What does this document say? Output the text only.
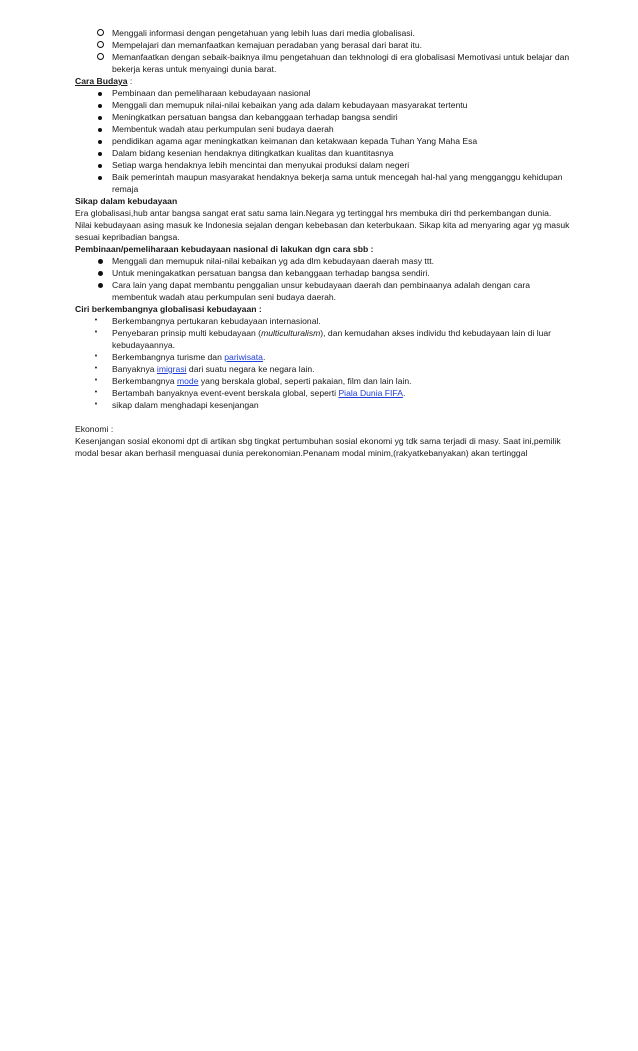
Menggali informasi dengan pengetahuan yang lebih luas dari media globalisasi.
Mempelajari dan memanfaatkan kemajuan peradaban yang berasal dari barat itu.
Memanfaatkan dengan sebaik-baiknya ilmu pengetahuan dan tekhnologi di era globalisasi Memotivasi untuk belajar dan bekerja keras untuk menyaingi dunia barat.
Cara Budaya :
Pembinaan dan pemeliharaan kebudayaan nasional
Menggali dan memupuk nilai-nilai kebaikan yang ada dalam kebudayaan masyarakat tertentu
Meningkatkan persatuan bangsa dan kebanggaan terhadap bangsa sendiri
Membentuk wadah atau perkumpulan seni budaya daerah
pendidikan agama agar meningkatkan keimanan dan ketakwaan kepada Tuhan Yang Maha Esa
Dalam bidang kesenian hendaknya ditingkatkan kualitas dan kuantitasnya
Setiap warga hendaknya lebih mencintai dan menyukai produksi dalam negeri
Baik pemerintah maupun masyarakat hendaknya bekerja sama untuk mencegah hal-hal yang mengganggu kehidupan remaja
Sikap dalam kebudayaan
Era globalisasi,hub antar bangsa sangat erat satu sama lain.Negara yg tertinggal hrs membuka diri thd perkembangan dunia. Nilai kebudayaan asing masuk ke Indonesia sejalan dengan kebebasan dan keterbukaan. Sikap kita ad menyaring agar yg masuk sesuai kepribadian bangsa.
Pembinaan/pemeliharaan kebudayaan nasional di lakukan dgn cara sbb :
Menggali dan memupuk nilai-nilai kebaikan yg ada dlm kebudayaan daerah masy ttt.
Untuk meningakatkan persatuan bangsa dan kebanggaan terhadap bangsa sendiri.
Cara lain yang dapat membantu penggalian unsur kebudayaan daerah dan pembinaanya adalah dengan cara membentuk wadah atau perkumpulan seni budaya daerah.
Ciri berkembangnya globalisasi kebudayaan :
•	Berkembangnya pertukaran kebudayaan internasional.
•	Penyebaran prinsip multi kebudayaan (multiculturalism), dan kemudahan akses individu thd kebudayaan lain di luar kebudayaannya.
•	Berkembangnya turisme dan pariwisata.
•	Banyaknya imigrasi dari suatu negara ke negara lain.
•	Berkembangnya mode yang berskala global, seperti pakaian, film dan lain lain.
•	Bertambah banyaknya event-event berskala global, seperti Piala Dunia FIFA.
•	sikap dalam menghadapi kesenjangan
Ekonomi :
Kesenjangan sosial ekonomi dpt di artikan sbg tingkat pertumbuhan sosial ekonomi yg tdk sama terjadi di masy. Saat ini,pemilik modal besar akan berhasil menguasai dunia perekonomian.Penanam modal minim,(rakyatkebanyakan) akan tertinggal
